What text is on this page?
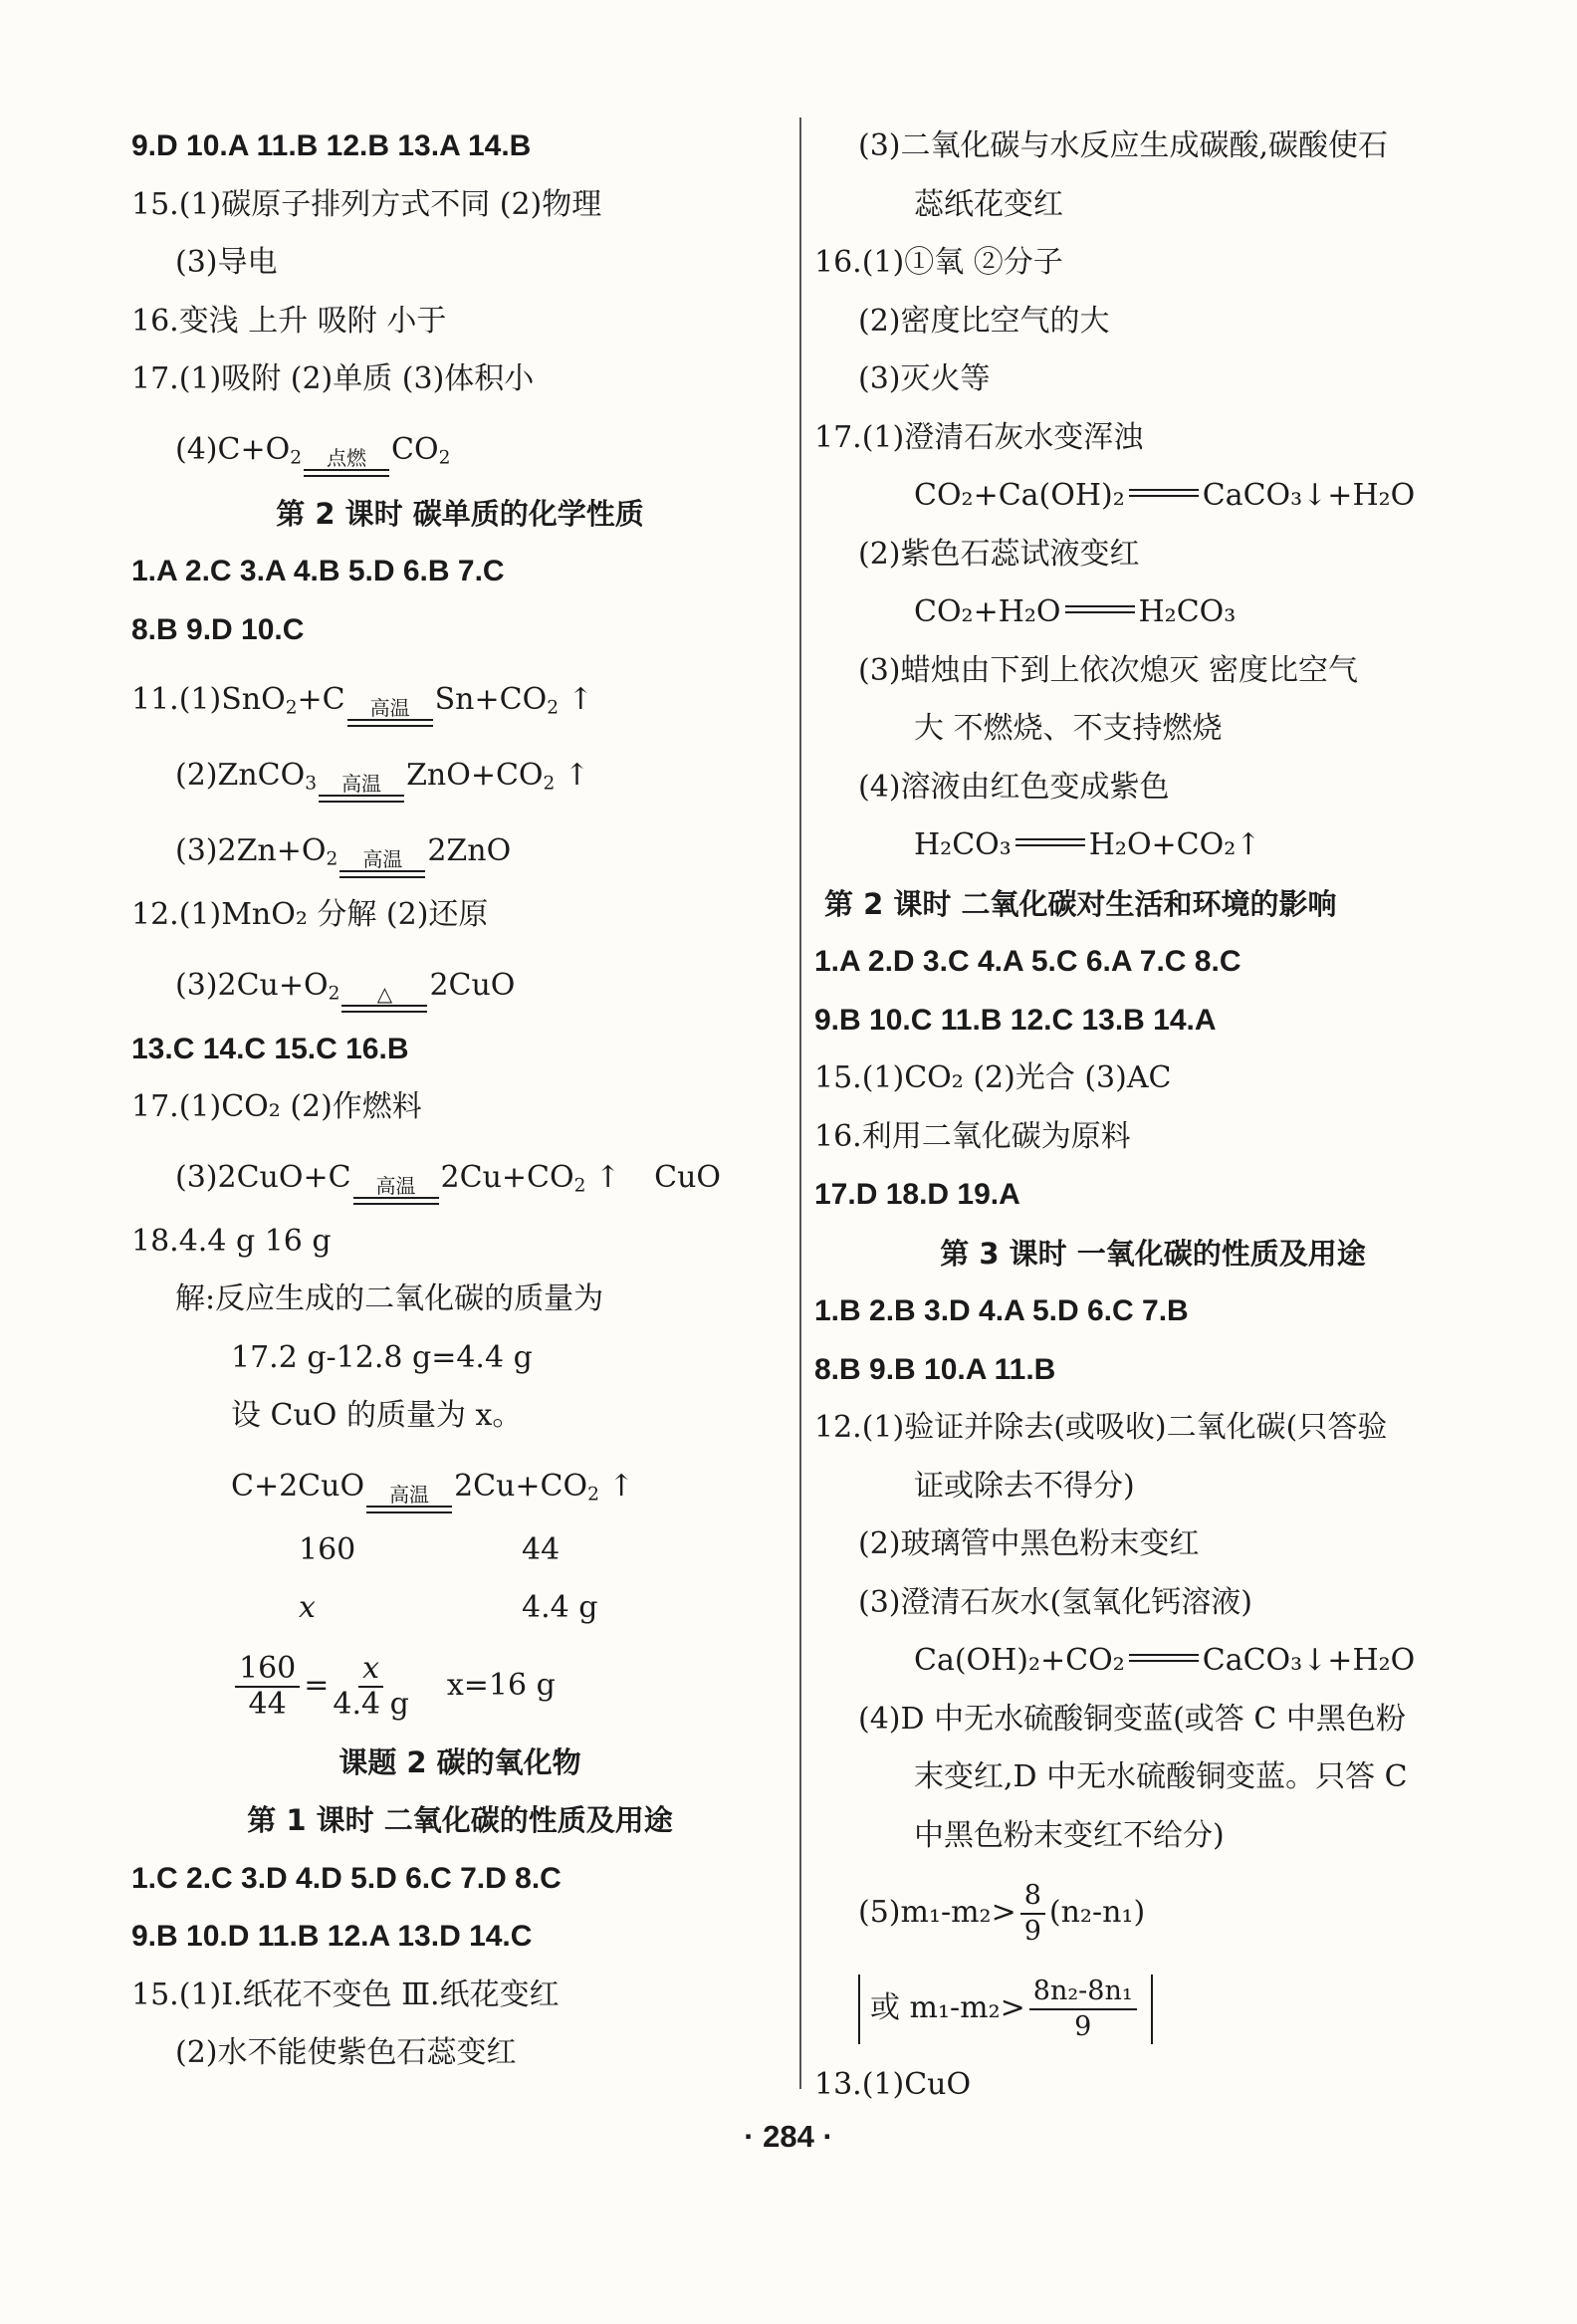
9.D 10.A 11.B 12.B 13.A 14.B
15.(1)碳原子排列方式不同 (2)物理
(3)导电
16.变浅 上升 吸附 小于
17.(1)吸附 (2)单质 (3)体积小
$(4)C+O_2$ 点燃 $CO_2$
第 2 课时 碳单质的化学性质
1.A 2.C 3.A 4.B 5.D 6.B 7.C
8.B 9.D 10.C
11.(1)SnO$_2$+C 高温 $Sn+CO_2$ ↑
(2)ZnCO$_3$ 高温 $ZnO+CO_2$ ↑
$(3)2Zn+O_2$ 高温 2ZnO
12.(1)MnO₂ 分解 (2)还原
$(3)2Cu+O_2$ △ 2CuO
13.C 14.C 15.C 16.B
17.(1)CO₂ (2)作燃料
(3)2CuO+C 高温 $2Cu+CO_2$ ↑ CuO
18.4.4 g 16 g
解:反应生成的二氧化碳的质量为
17.2 g-12.8 g=4.4 g
设 CuO 的质量为 x。
C+2CuO 高温 $2Cu+CO_2$ ↑
160	44
x	4.4 g
$\frac{160}{44} = \frac{x}{4.4 g} x=16$ g
课题 2 碳的氧化物
第 1 课时 二氧化碳的性质及用途
1.C 2.C 3.D 4.D 5.D 6.C 7.D 8.C
9.B 10.D 11.B 12.A 13.D 14.C
15.(1)Ⅰ.纸花不变色 Ⅲ.纸花变红
(2)水不能使紫色石蕊变红
(3)二氧化碳与水反应生成碳酸,碳酸使石
蕊纸花变红
16.(1)①氧 ②分子
(2)密度比空气的大
(3)灭火等
17.(1)澄清石灰水变浑浊
CO₂+Ca(OH)₂	CaCO₃↓+H₂O
(2)紫色石蕊试液变红
CO₂+H₂O	H₂CO₃
(3)蜡烛由下到上依次熄灭 密度比空气
大 不燃烧、不支持燃烧
(4)溶液由红色变成紫色
H₂CO₃	H₂O+CO₂↑
第 2 课时 二氧化碳对生活和环境的影响
1.A 2.D 3.C 4.A 5.C 6.A 7.C 8.C
9.B 10.C 11.B 12.C 13.B 14.A
15.(1)CO₂ (2)光合 (3)AC
16.利用二氧化碳为原料
17.D 18.D 19.A
第 3 课时 一氧化碳的性质及用途
1.B 2.B 3.D 4.A 5.D 6.C 7.B
8.B 9.B 10.A 11.B
12.(1)验证并除去(或吸收)二氧化碳(只答验
证或除去不得分)
(2)玻璃管中黑色粉末变红
(3)澄清石灰水(氢氧化钙溶液)
Ca(OH)₂+CO₂	CaCO₃↓+H₂O
(4)D 中无水硫酸铜变蓝(或答 C 中黑色粉
末变红,D 中无水硫酸铜变蓝。只答 C
中黑色粉末变红不给分)
$(5)m_1-m_2> \frac{8}{9} (n_2-n_1)$
或 $m_1-m_2> \frac{\text{8n₂-8n₁}}{9}$
13.(1)CuO
· 284 ·
